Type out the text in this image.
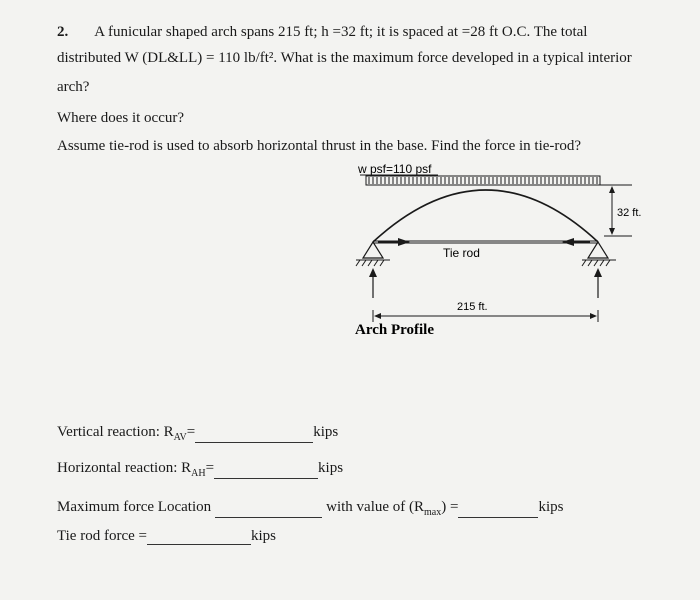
2. A funicular shaped arch spans 215 ft; h =32 ft; it is spaced at =28 ft O.C. The total
distributed W (DL&LL) = 110 lb/ft². What is the maximum force developed in a typical interior
arch?
Where does it occur?
Assume tie-rod is used to absorb horizontal thrust in the base. Find the force in tie-rod?
w psf=110 psf
32 ft.
Tie rod
215 ft.
Arch Profile
Vertical reaction: $R_{AV}=$	kips
Horizontal reaction: $R_{AH}=$	kips
Maximum force Location	with value of $(R_{max})$ =	kips
Tie rod force =	kips
